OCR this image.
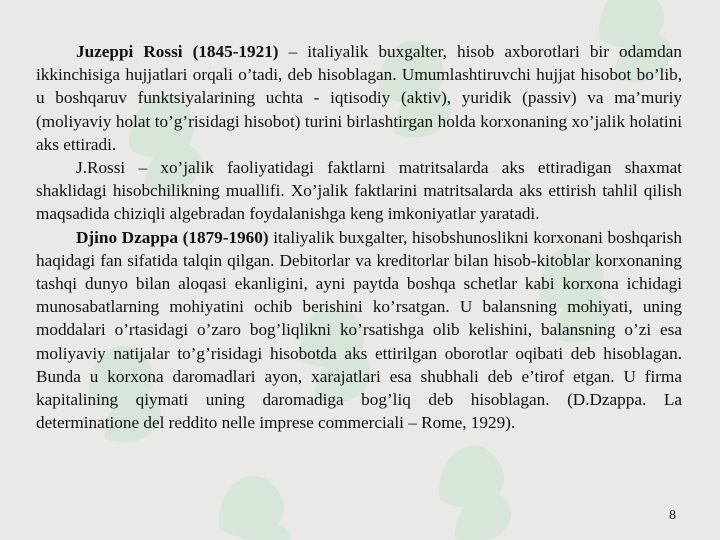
Juzeppi Rossi (1845-1921) – italiyalik buxgalter, hisob axborotlari bir odamdan ikkinchisiga hujjatlari orqali o’tadi, deb hisoblagan. Umumlashtiruvchi hujjat hisobot bo’lib, u boshqaruv funktsiyalarining uchta - iqtisodiy (aktiv), yuridik (passiv) va ma’muriy (moliyaviy holat to’g’risidagi hisobot) turini birlashtirgan holda korxonaning xo’jalik holatini aks ettiradi.

J.Rossi – xo’jalik faoliyatidagi faktlarni matritsalarda aks ettiradigan shaxmat shaklidagi hisobchilikning muallifi. Xo’jalik faktlarini matritsalarda aks ettirish tahlil qilish maqsadida chiziqli algebradan foydalanishga keng imkoniyatlar yaratadi.

Djino Dzappa (1879-1960) italiyalik buxgalter, hisobshunoslikni korxonani boshqarish haqidagi fan sifatida talqin qilgan. Debitorlar va kreditorlar bilan hisob-kitoblar korxonaning tashqi dunyo bilan aloqasi ekanligini, ayni paytda boshqa schetlar kabi korxona ichidagi munosabatlarning mohiyatini ochib berishini ko’rsatgan. U balansning mohiyati, uning moddalari o’rtasidagi o’zaro bog’liqlikni ko’rsatishga olib kelishini, balansning o’zi esa moliyaviy natijalar to’g’risidagi hisobotda aks ettirilgan oborotlar oqibati deb hisoblagan. Bunda u korxona daromadlari ayon, xarajatlari esa shubhali deb e’tirof etgan. U firma kapitalining qiymati uning daromadiga bog’liq deb hisoblagan. (D.Dzappa. La determinatione del reddito nelle imprese commerciali – Rome, 1929).

8
